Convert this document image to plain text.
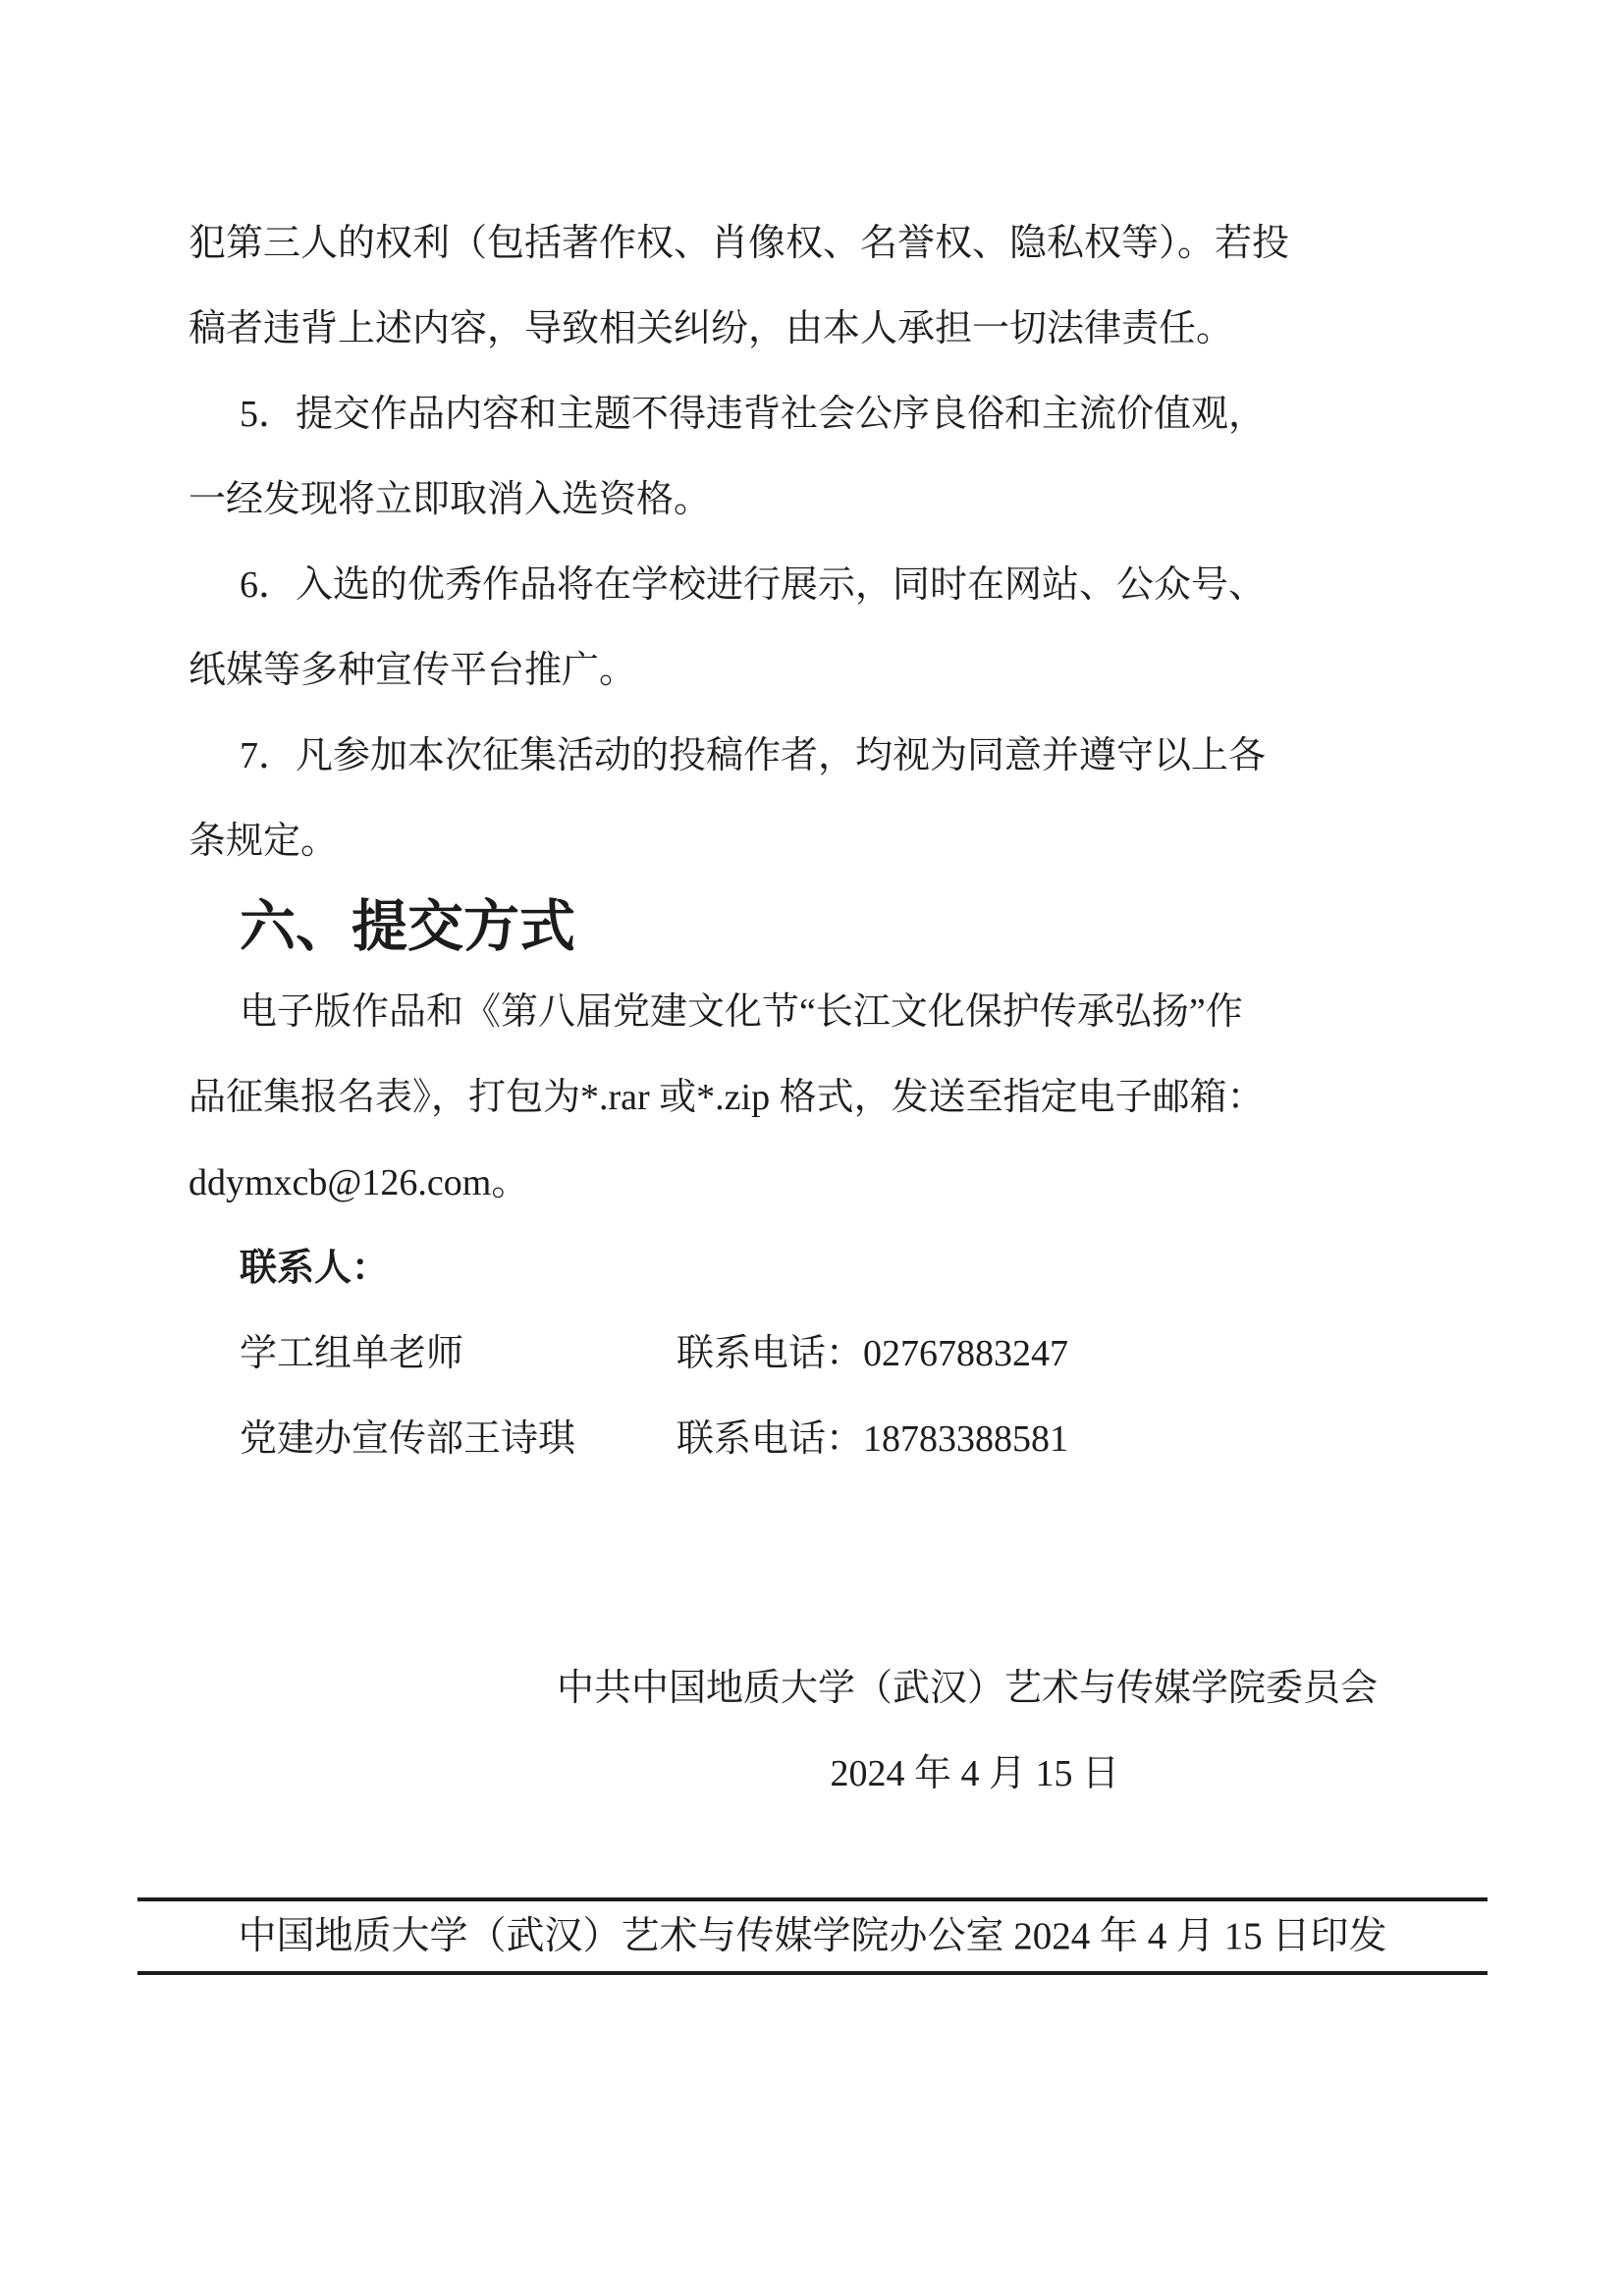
犯第三人的权利（包括著作权、肖像权、名誉权、隐私权等）。若投
稿者违背上述内容，导致相关纠纷，由本人承担一切法律责任。
5．提交作品内容和主题不得违背社会公序良俗和主流价值观，
一经发现将立即取消入选资格。
6．入选的优秀作品将在学校进行展示，同时在网站、公众号、
纸媒等多种宣传平台推广。
7．凡参加本次征集活动的投稿作者，均视为同意并遵守以上各
条规定。
六、提交方式
电子版作品和《第八届党建文化节“长江文化保护传承弘扬”作
品征集报名表》，打包为*.rar 或*.zip 格式，发送至指定电子邮箱：
ddymxcb@126.com。
联系人：
学工组单老师	联系电话：02767883247
党建办宣传部王诗琪	联系电话：18783388581
中共中国地质大学（武汉）艺术与传媒学院委员会
2024 年 4 月 15 日
中国地质大学（武汉）艺术与传媒学院办公室 2024 年 4 月 15 日印发
